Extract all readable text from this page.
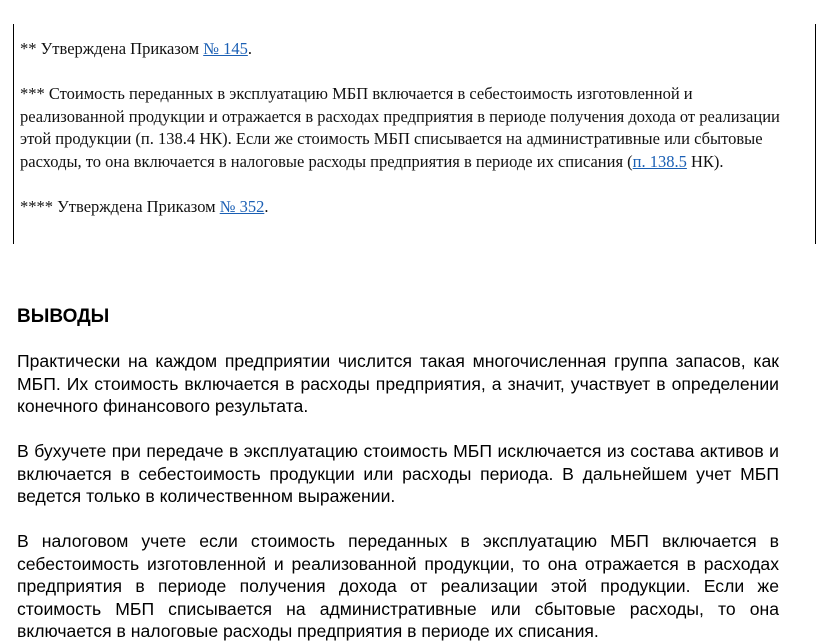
** Утверждена Приказом № 145.

*** Стоимость переданных в эксплуатацию МБП включается в себестоимость изготовленной и реализованной продукции и отражается в расходах предприятия в периоде получения дохода от реализации этой продукции (п. 138.4 НК). Если же стоимость МБП списывается на административные или сбытовые расходы, то она включается в налоговые расходы предприятия в периоде их списания (п. 138.5 НК).

**** Утверждена Приказом № 352.

ВЫВОДЫ

Практически на каждом предприятии числится такая многочисленная группа запасов, как МБП. Их стоимость включается в расходы предприятия, а значит, участвует в определении конечного финансового результата.

В бухучете при передаче в эксплуатацию стоимость МБП исключается из состава активов и включается в себестоимость продукции или расходы периода. В дальнейшем учет МБП ведется только в количественном выражении.

В налоговом учете если стоимость переданных в эксплуатацию МБП включается в себестоимость изготовленной и реализованной продукции, то она отражается в расходах предприятия в периоде получения дохода от реализации этой продукции. Если же стоимость МБП списывается на административные или сбытовые расходы, то она включается в налоговые расходы предприятия в периоде их списания.
